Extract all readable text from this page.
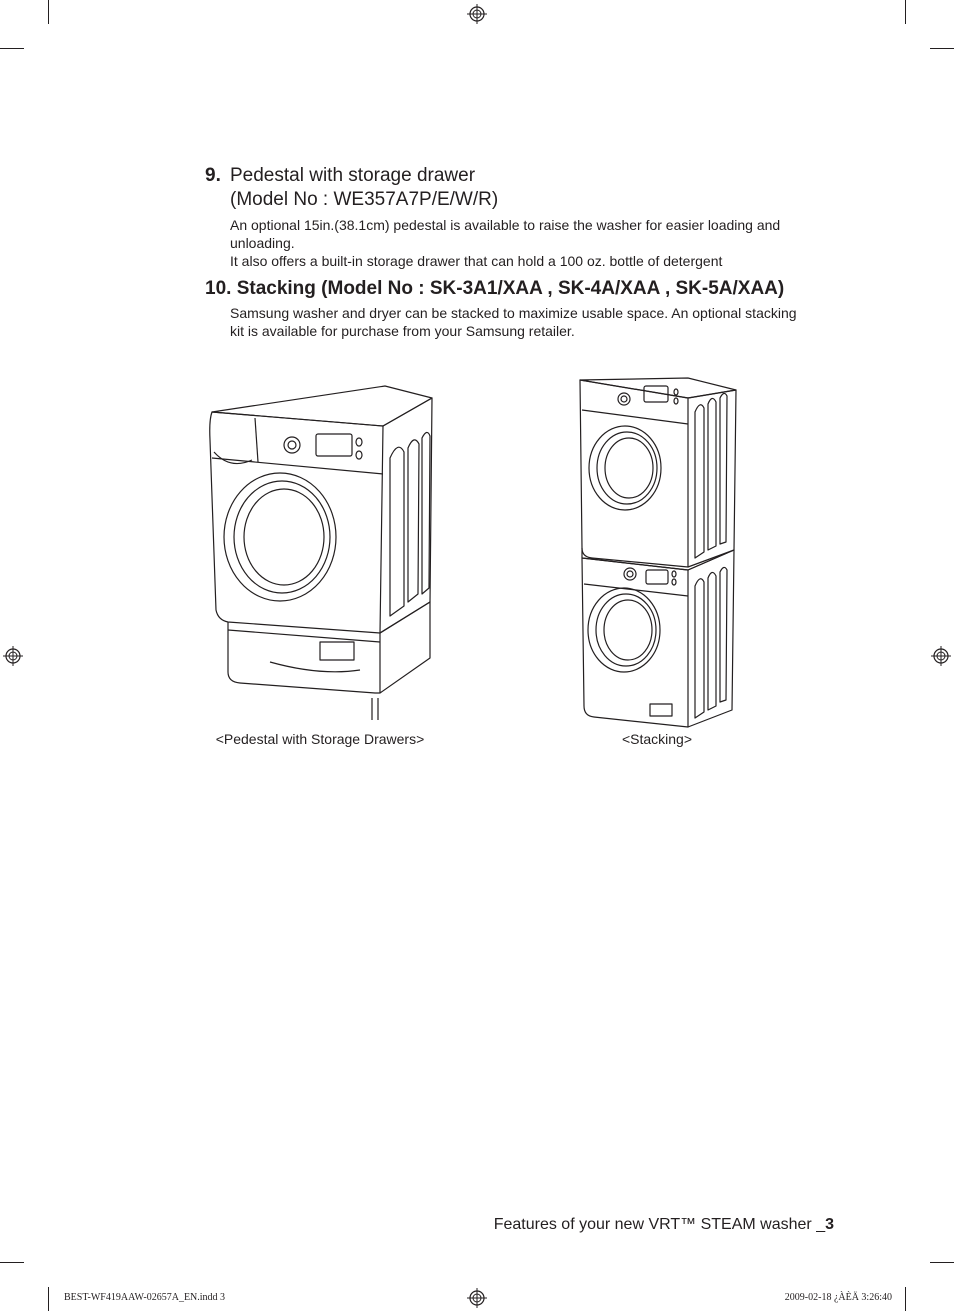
9. Pedestal with storage drawer
(Model No : WE357A7P/E/W/R)
An optional 15in.(38.1cm) pedestal is available to raise the washer for easier loading and
unloading.
It also offers a built-in storage drawer that can hold a 100 oz. bottle of detergent
10. Stacking (Model No : SK-3A1/XAA , SK-4A/XAA , SK-5A/XAA)
Samsung washer and dryer can be stacked to maximize usable space. An optional stacking
kit is available for purchase from your Samsung retailer.
<Pedestal with Storage Drawers>	<Stacking>
Features of your new VRT™ STEAM washer _3
BEST-WF419AAW-02657A_EN.indd 3	2009-02-18 ¿ÀÈÄ 3:26:40
